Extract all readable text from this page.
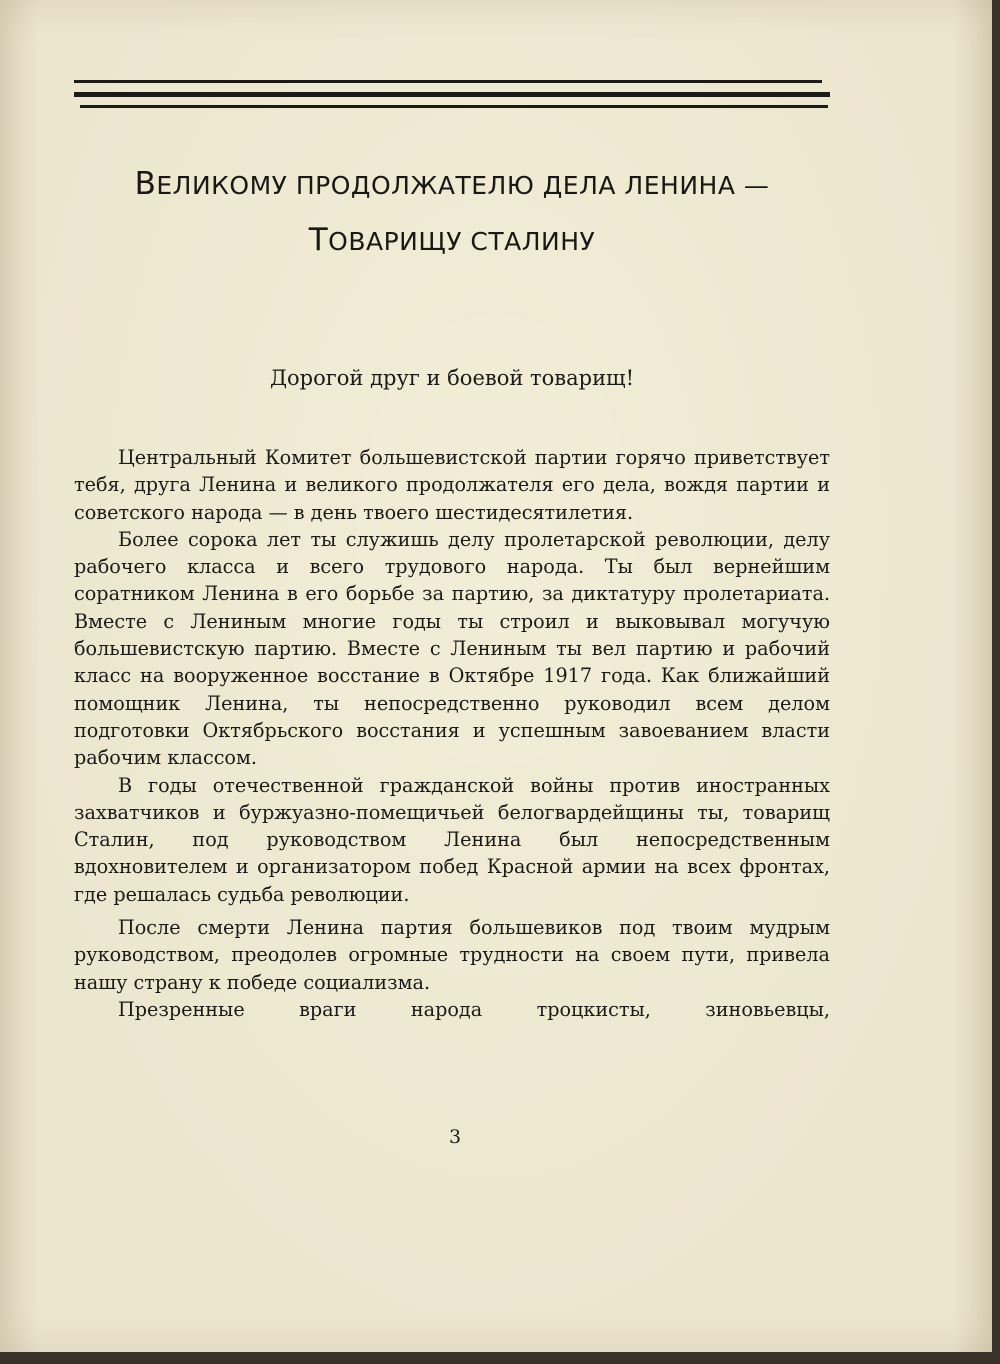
ВЕЛИКОМУ ПРОДОЛЖАТЕЛЮ ДЕЛА ЛЕНИНА —
ТОВАРИЩУ СТАЛИНУ
Дорогой друг и боевой товарищ!

Центральный Комитет большевистской партии горячо приветствует тебя, друга Ленина и великого продолжателя его дела, вождя партии и советского народа — в день твоего шестидесятилетия.

Более сорока лет ты служишь делу пролетарской революции, делу рабочего класса и всего трудового народа. Ты был вернейшим соратником Ленина в его борьбе за партию, за диктатуру пролетариата. Вместе с Лениным многие годы ты строил и выковывал могучую большевистскую партию. Вместе с Лениным ты вел партию и рабочий класс на вооруженное восстание в Октябре 1917 года. Как ближайший помощник Ленина, ты непосредственно руководил всем делом подготовки Октябрьского восстания и успешным завоеванием власти рабочим классом.

В годы отечественной гражданской войны против иностранных захватчиков и буржуазно-помещичьей белогвардейщины ты, товарищ Сталин, под руководством Ленина был непосредственным вдохновителем и организатором побед Красной армии на всех фронтах, где решалась судьба революции.

После смерти Ленина партия большевиков под твоим мудрым руководством, преодолев огромные трудности на своем пути, привела нашу страну к победе социализма.

Презренные враги народа троцкисты, зиновьевцы,

3
